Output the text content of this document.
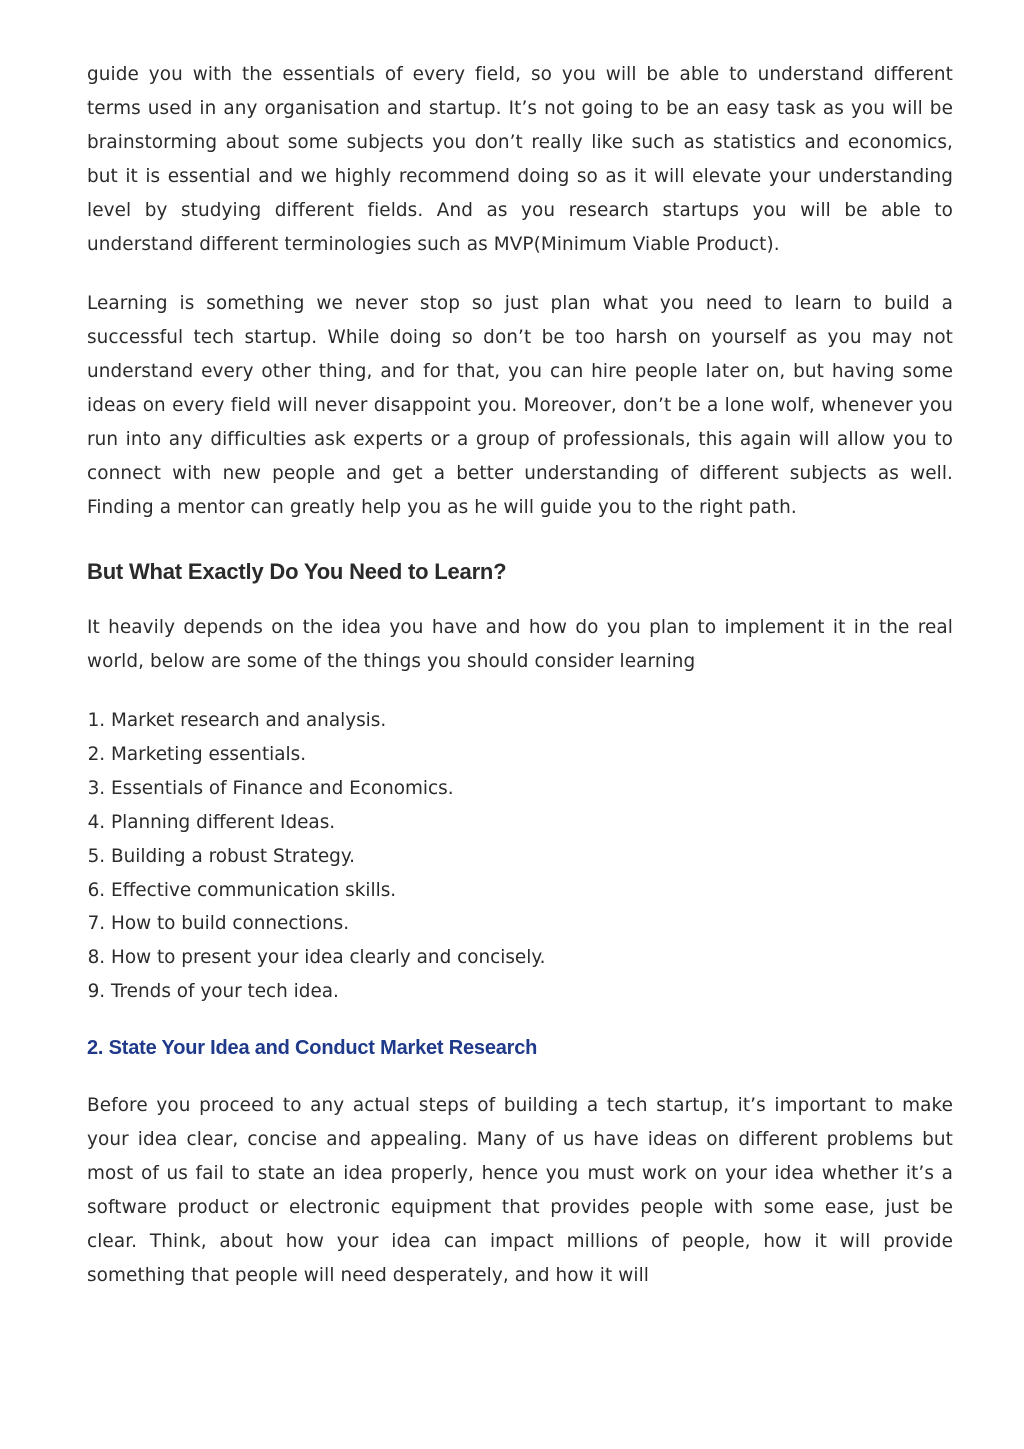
guide you with the essentials of every field, so you will be able to understand different terms used in any organisation and startup. It’s not going to be an easy task as you will be brainstorming about some subjects you don’t really like such as statistics and economics, but it is essential and we highly recommend doing so as it will elevate your understanding level by studying different fields. And as you research startups you will be able to understand different terminologies such as MVP(Minimum Viable Product).

Learning is something we never stop so just plan what you need to learn to build a successful tech startup. While doing so don’t be too harsh on yourself as you may not understand every other thing, and for that, you can hire people later on, but having some ideas on every field will never disappoint you. Moreover, don’t be a lone wolf, whenever you run into any difficulties ask experts or a group of professionals, this again will allow you to connect with new people and get a better understanding of different subjects as well. Finding a mentor can greatly help you as he will guide you to the right path.

But What Exactly Do You Need to Learn?

It heavily depends on the idea you have and how do you plan to implement it in the real world, below are some of the things you should consider learning

1. Market research and analysis.
2. Marketing essentials.
3. Essentials of Finance and Economics.
4. Planning different Ideas.
5. Building a robust Strategy.
6. Effective communication skills.
7. How to build connections.
8. How to present your idea clearly and concisely.
9. Trends of your tech idea.
2. State Your Idea and Conduct Market Research

Before you proceed to any actual steps of building a tech startup, it’s important to make your idea clear, concise and appealing. Many of us have ideas on different problems but most of us fail to state an idea properly, hence you must work on your idea whether it’s a software product or electronic equipment that provides people with some ease, just be clear. Think, about how your idea can impact millions of people, how it will provide something that people will need desperately, and how it will
